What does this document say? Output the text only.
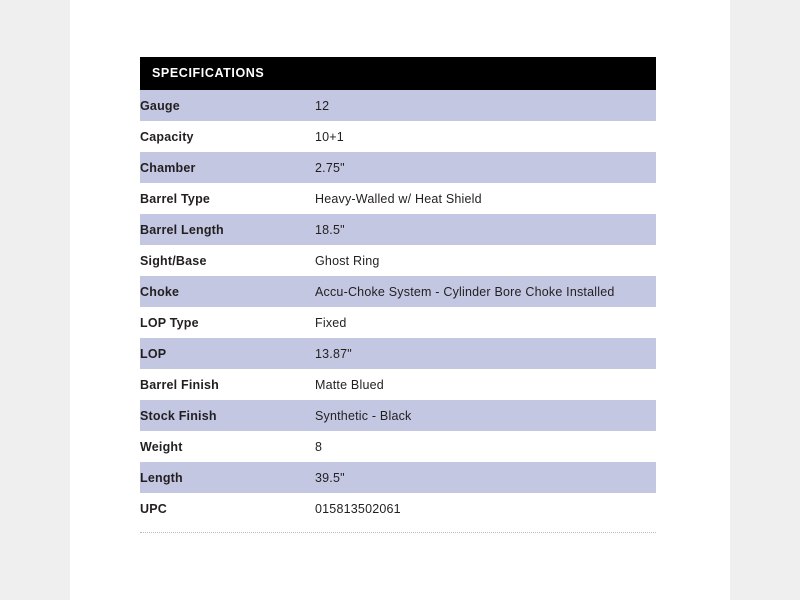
SPECIFICATIONS
Gauge	12
Capacity	10+1
Chamber	2.75"
Barrel Type	Heavy-Walled w/ Heat Shield
Barrel Length	18.5"
Sight/Base	Ghost Ring
Choke	Accu-Choke System - Cylinder Bore Choke Installed
LOP Type	Fixed
LOP	13.87"
Barrel Finish	Matte Blued
Stock Finish	Synthetic - Black
Weight	8
Length	39.5"
UPC	015813502061
